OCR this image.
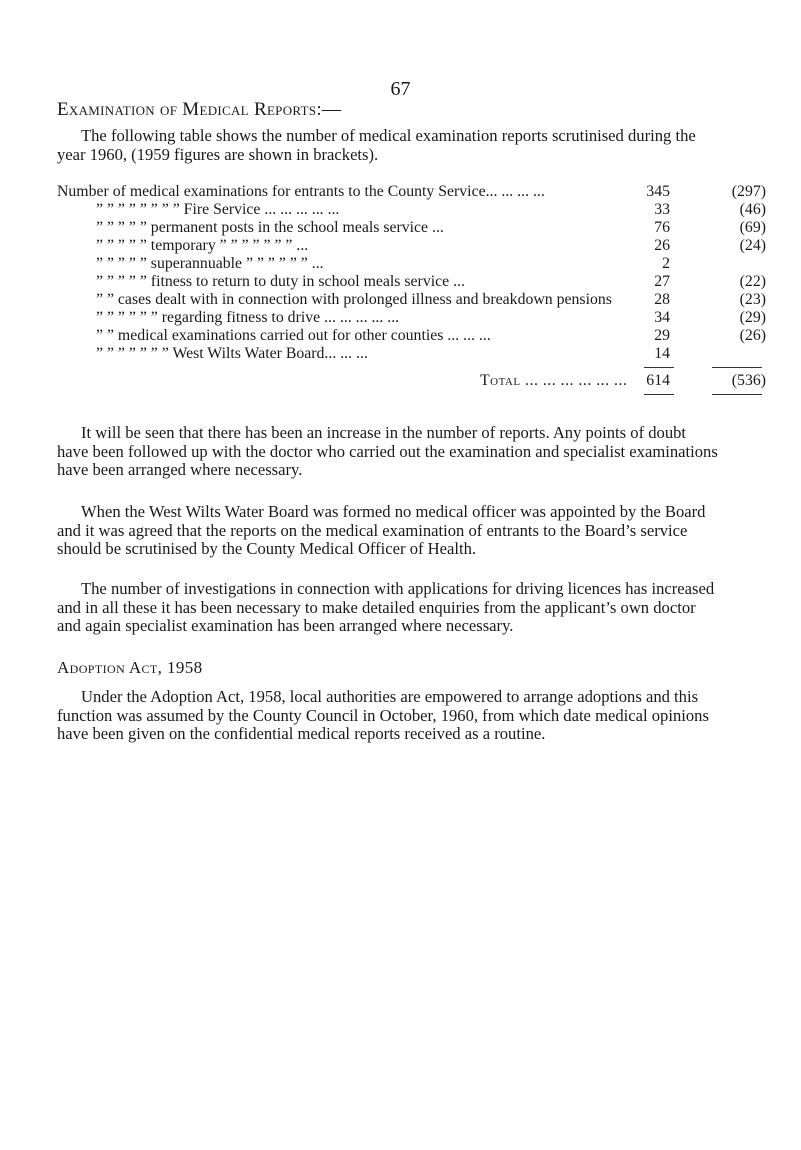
67
Examination of Medical Reports:—
The following table shows the number of medical examination reports scrutinised during the
year 1960, (1959 figures are shown in brackets).
Number of medical examinations for entrants to the County Service... ... ... ...	345	(297)
” ” ” ” ” ” ” ” Fire Service ... ... ... ... ...	33	(46)
” ” ” ” ” permanent posts in the school meals service ...	76	(69)
” ” ” ” ” temporary ” ” ” ” ” ” ” ...	26	(24)
” ” ” ” ” superannuable ” ” ” ” ” ” ...	2
” ” ” ” ” fitness to return to duty in school meals service ...	27	(22)
” ” cases dealt with in connection with prolonged illness and breakdown pensions	28	(23)
” ” ” ” ” ” regarding fitness to drive ... ... ... ... ...	34	(29)
” ” medical examinations carried out for other counties ... ... ...	29	(26)
” ” ” ” ” ” ” West Wilts Water Board... ... ...	14
Total ... ... ... ... ... ...	614	(536)
It will be seen that there has been an increase in the number of reports. Any points of doubt
have been followed up with the doctor who carried out the examination and specialist examinations
have been arranged where necessary.
When the West Wilts Water Board was formed no medical officer was appointed by the Board
and it was agreed that the reports on the medical examination of entrants to the Board’s service
should be scrutinised by the County Medical Officer of Health.
The number of investigations in connection with applications for driving licences has increased
and in all these it has been necessary to make detailed enquiries from the applicant’s own doctor
and again specialist examination has been arranged where necessary.
Adoption Act, 1958
Under the Adoption Act, 1958, local authorities are empowered to arrange adoptions and this
function was assumed by the County Council in October, 1960, from which date medical opinions
have been given on the confidential medical reports received as a routine.
